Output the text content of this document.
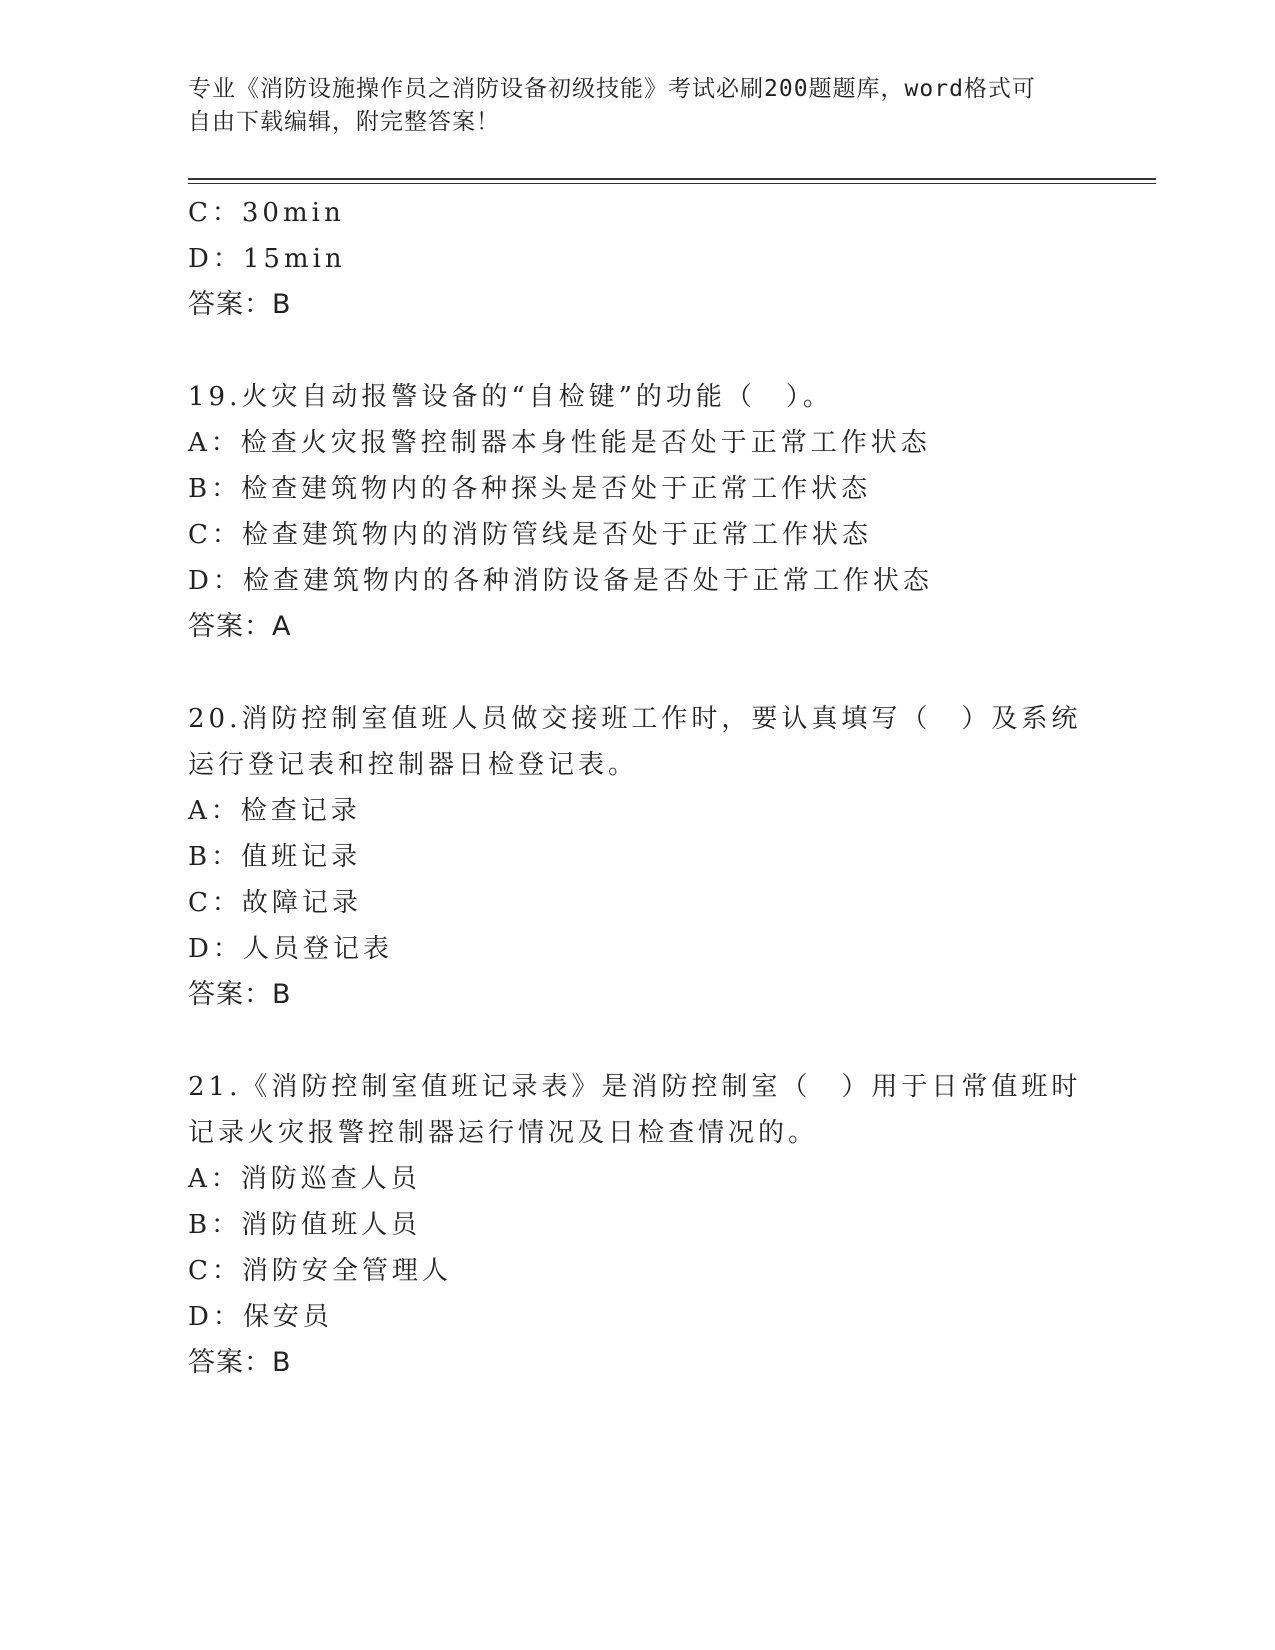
专业《消防设施操作员之消防设备初级技能》考试必刷200题题库，word格式可
自由下载编辑，附完整答案！
C：30min
D：15min
答案：B
19.火灾自动报警设备的“自检键”的功能（　）。
A：检查火灾报警控制器本身性能是否处于正常工作状态
B：检查建筑物内的各种探头是否处于正常工作状态
C：检查建筑物内的消防管线是否处于正常工作状态
D：检查建筑物内的各种消防设备是否处于正常工作状态
答案：A
20.消防控制室值班人员做交接班工作时，要认真填写（　）及系统运行登记表和控制器日检登记表。
A：检查记录
B：值班记录
C：故障记录
D：人员登记表
答案：B
21.《消防控制室值班记录表》是消防控制室（　）用于日常值班时记录火灾报警控制器运行情况及日检查情况的。
A：消防巡查人员
B：消防值班人员
C：消防安全管理人
D：保安员
答案：B
